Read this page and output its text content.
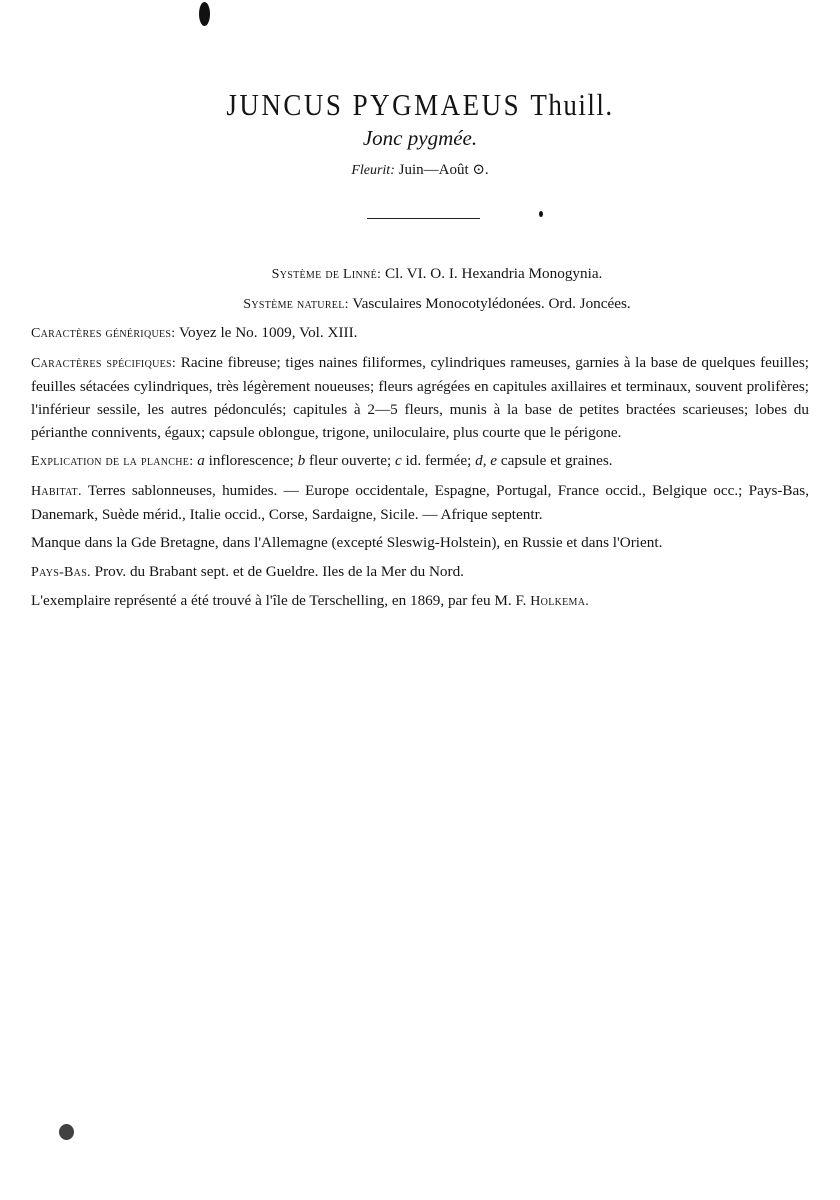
JUNCUS PYGMAEUS Thuill.
Jonc pygmée.
Fleurit: Juin—Août ⊙.

Système de Linné: Cl. VI. O. I. Hexandria Monogynia.

Système naturel: Vasculaires Monocotylédonées. Ord. Joncées.

Caractères génériques: Voyez le No. 1009, Vol. XIII.

Caractères spécifiques: Racine fibreuse; tiges naines filiformes, cylindriques rameuses, garnies à la base de quelques feuilles; feuilles sétacées cylindriques, très légèrement noueuses; fleurs agrégées en capitules axillaires et terminaux, souvent prolifères; l'inférieur sessile, les autres pédonculés; capitules à 2—5 fleurs, munis à la base de petites bractées scarieuses; lobes du périanthe connivents, égaux; capsule oblongue, trigone, uniloculaire, plus courte que le périgone.

Explication de la planche: a inflorescence; b fleur ouverte; c id. fermée; d, e capsule et graines.

Habitat. Terres sablonneuses, humides. — Europe occidentale, Espagne, Portugal, France occid., Belgique occ.; Pays-Bas, Danemark, Suède mérid., Italie occid., Corse, Sardaigne, Sicile. — Afrique septentr.

Manque dans la Gde Bretagne, dans l'Allemagne (excepté Sleswig-Holstein), en Russie et dans l'Orient.

Pays-Bas. Prov. du Brabant sept. et de Gueldre. Iles de la Mer du Nord.

L'exemplaire représenté a été trouvé à l'île de Terschelling, en 1869, par feu M. F. Holkema.
